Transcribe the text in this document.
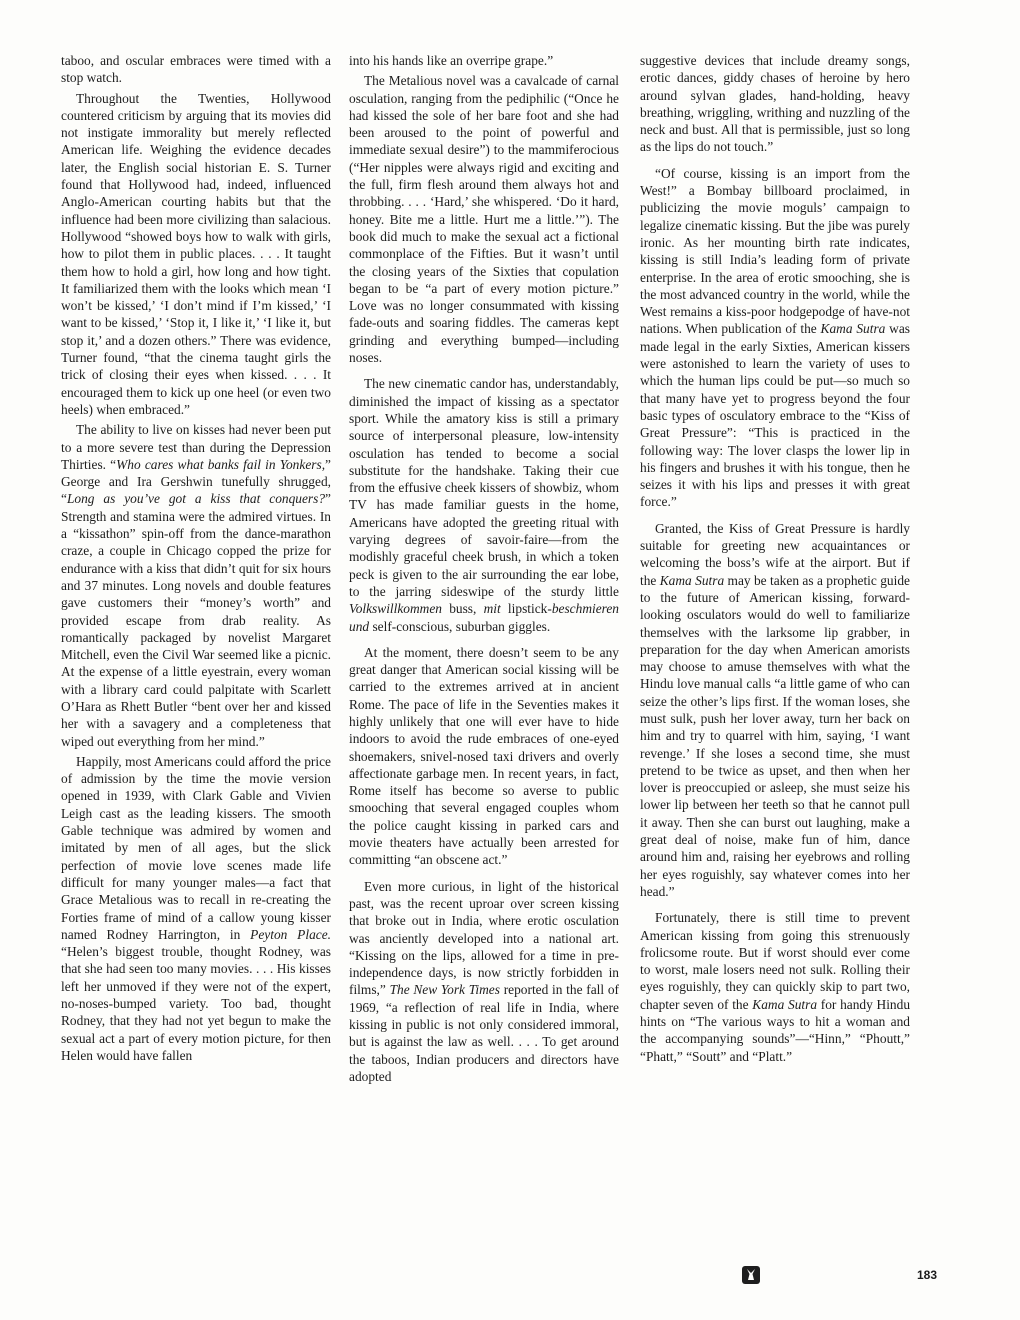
taboo, and oscular embraces were timed with a stop watch.

Throughout the Twenties, Hollywood countered criticism by arguing that its movies did not instigate immorality but merely reflected American life. Weighing the evidence decades later, the English social historian E. S. Turner found that Hollywood had, indeed, influenced Anglo-American courting habits but that the influence had been more civilizing than salacious. Hollywood “showed boys how to walk with girls, how to pilot them in public places. . . . It taught them how to hold a girl, how long and how tight. It familiarized them with the looks which mean ‘I won’t be kissed,’ ‘I don’t mind if I’m kissed,’ ‘I want to be kissed,’ ‘Stop it, I like it,’ ‘I like it, but stop it,’ and a dozen others.” There was evidence, Turner found, “that the cinema taught girls the trick of closing their eyes when kissed. . . . It encouraged them to kick up one heel (or even two heels) when embraced.”

The ability to live on kisses had never been put to a more severe test than during the Depression Thirties. “Who cares what banks fail in Yonkers,” George and Ira Gershwin tunefully shrugged, “Long as you’ve got a kiss that conquers?” Strength and stamina were the admired virtues. In a “kissathon” spin-off from the dance-marathon craze, a couple in Chicago copped the prize for endurance with a kiss that didn’t quit for six hours and 37 minutes. Long novels and double features gave customers their “money’s worth” and provided escape from drab reality. As romantically packaged by novelist Margaret Mitchell, even the Civil War seemed like a picnic. At the expense of a little eyestrain, every woman with a library card could palpitate with Scarlett O’Hara as Rhett Butler “bent over her and kissed her with a savagery and a completeness that wiped out everything from her mind.”

Happily, most Americans could afford the price of admission by the time the movie version opened in 1939, with Clark Gable and Vivien Leigh cast as the leading kissers. The smooth Gable technique was admired by women and imitated by men of all ages, but the slick perfection of movie love scenes made life difficult for many younger males—a fact that Grace Metalious was to recall in re-creating the Forties frame of mind of a callow young kisser named Rodney Harrington, in Peyton Place. “Helen’s biggest trouble, thought Rodney, was that she had seen too many movies. . . . His kisses left her unmoved if they were not of the expert, no-noses-bumped variety. Too bad, thought Rodney, that they had not yet begun to make the sexual act a part of every motion picture, for then Helen would have fallen

into his hands like an overripe grape.”

The Metalious novel was a cavalcade of carnal osculation, ranging from the pediphilic (“Once he had kissed the sole of her bare foot and she had been aroused to the point of powerful and immediate sexual desire”) to the mammiferocious (“Her nipples were always rigid and exciting and the full, firm flesh around them always hot and throbbing. . . . ‘Hard,’ she whispered. ‘Do it hard, honey. Bite me a little. Hurt me a little.’”). The book did much to make the sexual act a fictional commonplace of the Fifties. But it wasn’t until the closing years of the Sixties that copulation began to be “a part of every motion picture.” Love was no longer consummated with kissing fade-outs and soaring fiddles. The cameras kept grinding and everything bumped—including noses.

The new cinematic candor has, understandably, diminished the impact of kissing as a spectator sport. While the amatory kiss is still a primary source of interpersonal pleasure, low-intensity osculation has tended to become a social substitute for the handshake. Taking their cue from the effusive cheek kissers of showbiz, whom TV has made familiar guests in the home, Americans have adopted the greeting ritual with varying degrees of savoir-faire—from the modishly graceful cheek brush, in which a token peck is given to the air surrounding the ear lobe, to the jarring sideswipe of the sturdy little Volkswillkommen buss, mit lipstick-beschmieren und self-conscious, suburban giggles.

At the moment, there doesn’t seem to be any great danger that American social kissing will be carried to the extremes arrived at in ancient Rome. The pace of life in the Seventies makes it highly unlikely that one will ever have to hide indoors to avoid the rude embraces of one-eyed shoemakers, snivel-nosed taxi drivers and overly affectionate garbage men. In recent years, in fact, Rome itself has become so averse to public smooching that several engaged couples whom the police caught kissing in parked cars and movie theaters have actually been arrested for committing “an obscene act.”

Even more curious, in light of the historical past, was the recent uproar over screen kissing that broke out in India, where erotic osculation was anciently developed into a national art. “Kissing on the lips, allowed for a time in pre-independence days, is now strictly forbidden in films,” The New York Times reported in the fall of 1969, “a reflection of real life in India, where kissing in public is not only considered immoral, but is against the law as well. . . . To get around the taboos, Indian producers and directors have adopted

suggestive devices that include dreamy songs, erotic dances, giddy chases of heroine by hero around sylvan glades, hand-holding, heavy breathing, wriggling, writhing and nuzzling of the neck and bust. All that is permissible, just so long as the lips do not touch.”

“Of course, kissing is an import from the West!” a Bombay billboard proclaimed, in publicizing the movie moguls’ campaign to legalize cinematic kissing. But the jibe was purely ironic. As her mounting birth rate indicates, kissing is still India’s leading form of private enterprise. In the area of erotic smooching, she is the most advanced country in the world, while the West remains a kiss-poor hodgepodge of have-not nations. When publication of the Kama Sutra was made legal in the early Sixties, American kissers were astonished to learn the variety of uses to which the human lips could be put—so much so that many have yet to progress beyond the four basic types of osculatory embrace to the “Kiss of Great Pressure”: “This is practiced in the following way: The lover clasps the lower lip in his fingers and brushes it with his tongue, then he seizes it with his lips and presses it with great force.”

Granted, the Kiss of Great Pressure is hardly suitable for greeting new acquaintances or welcoming the boss’s wife at the airport. But if the Kama Sutra may be taken as a prophetic guide to the future of American kissing, forward-looking osculators would do well to familiarize themselves with the larksome lip grabber, in preparation for the day when American amorists may choose to amuse themselves with what the Hindu love manual calls “a little game of who can seize the other’s lips first. If the woman loses, she must sulk, push her lover away, turn her back on him and try to quarrel with him, saying, ‘I want revenge.’ If she loses a second time, she must pretend to be twice as upset, and then when her lover is preoccupied or asleep, she must seize his lower lip between her teeth so that he cannot pull it away. Then she can burst out laughing, make a great deal of noise, make fun of him, dance around him and, raising her eyebrows and rolling her eyes roguishly, say whatever comes into her head.”

Fortunately, there is still time to prevent American kissing from going this strenuously frolicsome route. But if worst should ever come to worst, male losers need not sulk. Rolling their eyes roguishly, they can quickly skip to part two, chapter seven of the Kama Sutra for handy Hindu hints on “The various ways to hit a woman and the accompanying sounds”—“Hinn,” “Phoutt,” “Phatt,” “Soutt” and “Platt.”

183
